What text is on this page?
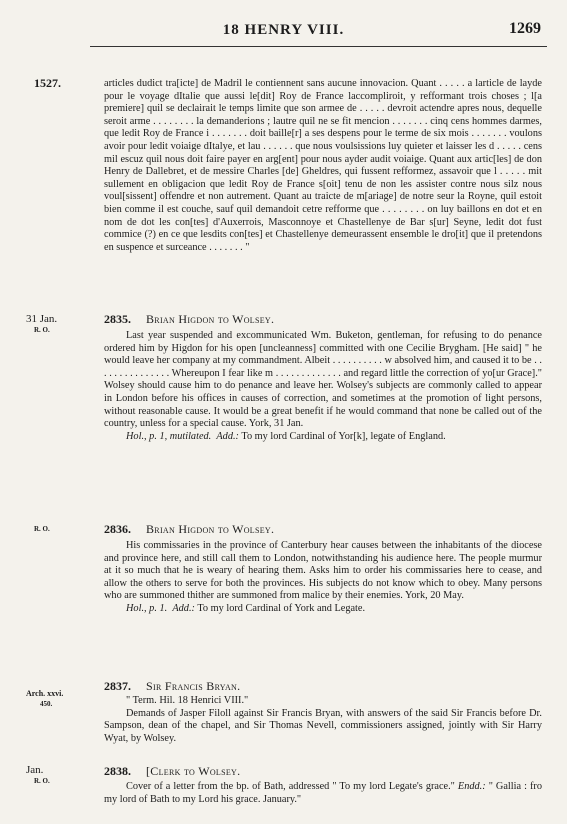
18 HENRY VIII.	1269
1527.	articles dudict tra[icte] de Madril le contiennent sans aucune innovacion. Quant . . . . . a larticle de layde pour le voyage dItalie que aussi le[dit] Roy de France laccompliroit, y refformant trois choses ; l[a premiere] quil se declairait le temps limite que son armee de . . . . . devroit actendre apres nous, dequelle seroit arme . . . . . . . . la demanderions ; lautre quil ne se fit mencion . . . . . . . cinq cens hommes darmes, que ledit Roy de France i . . . . . . . doit baille[r] a ses despens pour le terme de six mois . . . . . . . voulons avoir pour ledit voiaige dItalye, et lau . . . . . . que nous voulsissions luy quieter et laisser les d . . . . . cens mil escuz quil nous doit faire payer en arg[ent] pour nous ayder audit voiaige. Quant aux artic[les] de don Henry de Dallebret, et de messire Charles [de] Gheldres, qui fussent refformez, assavoir que l . . . . . mit sullement en obligacion que ledit Roy de France s[oit] tenu de non les assister contre nous silz nous voul[sissent] offendre et non autrement. Quant au traicte de m[ariage] de notre seur la Royne, quil estoit bien comme il est couche, sauf quil demandoit cetre refforme que . . . . . . . . on luy baillons en dot et en nom de dot les con[tes] d'Auxerrois, Masconnoye et Chastellenye de Bar s[ur] Seyne, ledit dot fust commice (?) en ce que lesdits con[tes] et Chastellenye demeurassent ensemble le dro[it] que il pretendons en suspence et surceance . . . . . . . "

31 Jan.
R. O.
2835. Brian Higdon to Wolsey.

Last year suspended and excommunicated Wm. Buketon, gentleman, for refusing to do penance ordered him by Higdon for his open [uncleanness] committed with one Cecilie Brygham. [He said] " he would leave her company at my commandment. Albeit . . . . . . . . . . w absolved him, and caused it to be . . . . . . . . . . . . . . . Whereupon I fear like m . . . . . . . . . . . . . and regard little the correction of yo[ur Grace]." Wolsey should cause him to do penance and leave her. Wolsey's subjects are commonly called to appear in London before his offices in causes of correction, and sometimes at the promotion of light persons, without reasonable cause. It would be a great benefit if he would command that none be called out of the country, unless for a special cause. York, 31 Jan.

Hol., p. 1, mutilated. Add.: To my lord Cardinal of Yor[k], legate of England.

R. O.	2836. Brian Higdon to Wolsey.

His commissaries in the province of Canterbury hear causes between the inhabitants of the diocese and province here, and still call them to London, notwithstanding his audience here. The people murmur at it so much that he is weary of hearing them. Asks him to order his commissaries here to cease, and allow the others to serve for both the provinces. His subjects do not know which to obey. Many persons who are summoned thither are summoned from malice by their enemies. York, 20 May.

Hol., p. 1. Add.: To my lord Cardinal of York and Legate.

Arch. xxvi.
450.
2837. Sir Francis Bryan.

" Term. Hil. 18 Henrici VIII."

Demands of Jasper Filoll against Sir Francis Bryan, with answers of the said Sir Francis before Dr. Sampson, dean of the chapel, and Sir Thomas Nevell, commissioners assigned, jointly with Sir Harry Wyat, by Wolsey.

Jan.
R. O.
2838. [Clerk to Wolsey.

Cover of a letter from the bp. of Bath, addressed " To my lord Legate's grace." Endd.: " Gallia : fro my lord of Bath to my Lord his grace. January."
